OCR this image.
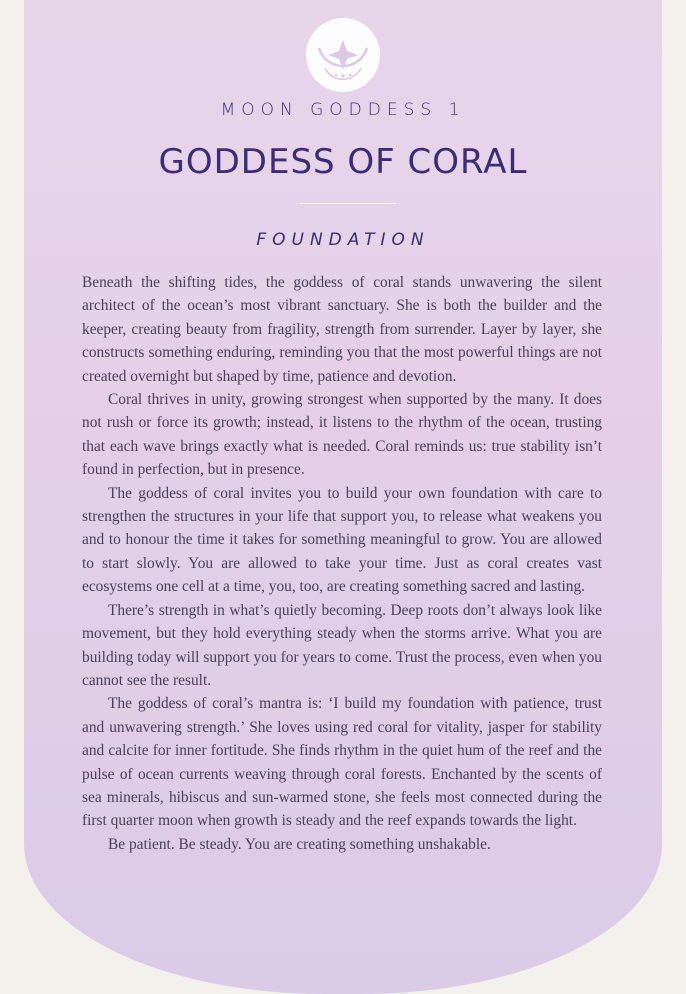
MOON GODDESS 1
GODDESS OF CORAL
FOUNDATION

Beneath the shifting tides, the goddess of coral stands unwavering the silent architect of the ocean’s most vibrant sanctuary. She is both the builder and the keeper, creating beauty from fragility, strength from surrender. Layer by layer, she constructs something enduring, reminding you that the most powerful things are not created overnight but shaped by time, patience and devotion.

Coral thrives in unity, growing strongest when supported by the many. It does not rush or force its growth; instead, it listens to the rhythm of the ocean, trusting that each wave brings exactly what is needed. Coral reminds us: true stability isn’t found in perfection, but in presence.

The goddess of coral invites you to build your own foundation with care to strengthen the structures in your life that support you, to release what weakens you and to honour the time it takes for something meaningful to grow. You are allowed to start slowly. You are allowed to take your time. Just as coral creates vast ecosystems one cell at a time, you, too, are creating something sacred and lasting.

There’s strength in what’s quietly becoming. Deep roots don’t always look like movement, but they hold everything steady when the storms arrive. What you are building today will support you for years to come. Trust the process, even when you cannot see the result.

The goddess of coral’s mantra is: ‘I build my foundation with patience, trust and unwavering strength.’ She loves using red coral for vitality, jasper for stability and calcite for inner fortitude. She finds rhythm in the quiet hum of the reef and the pulse of ocean currents weaving through coral forests. Enchanted by the scents of sea minerals, hibiscus and sun-warmed stone, she feels most connected during the first quarter moon when growth is steady and the reef expands towards the light.

Be patient. Be steady. You are creating something unshakable.
